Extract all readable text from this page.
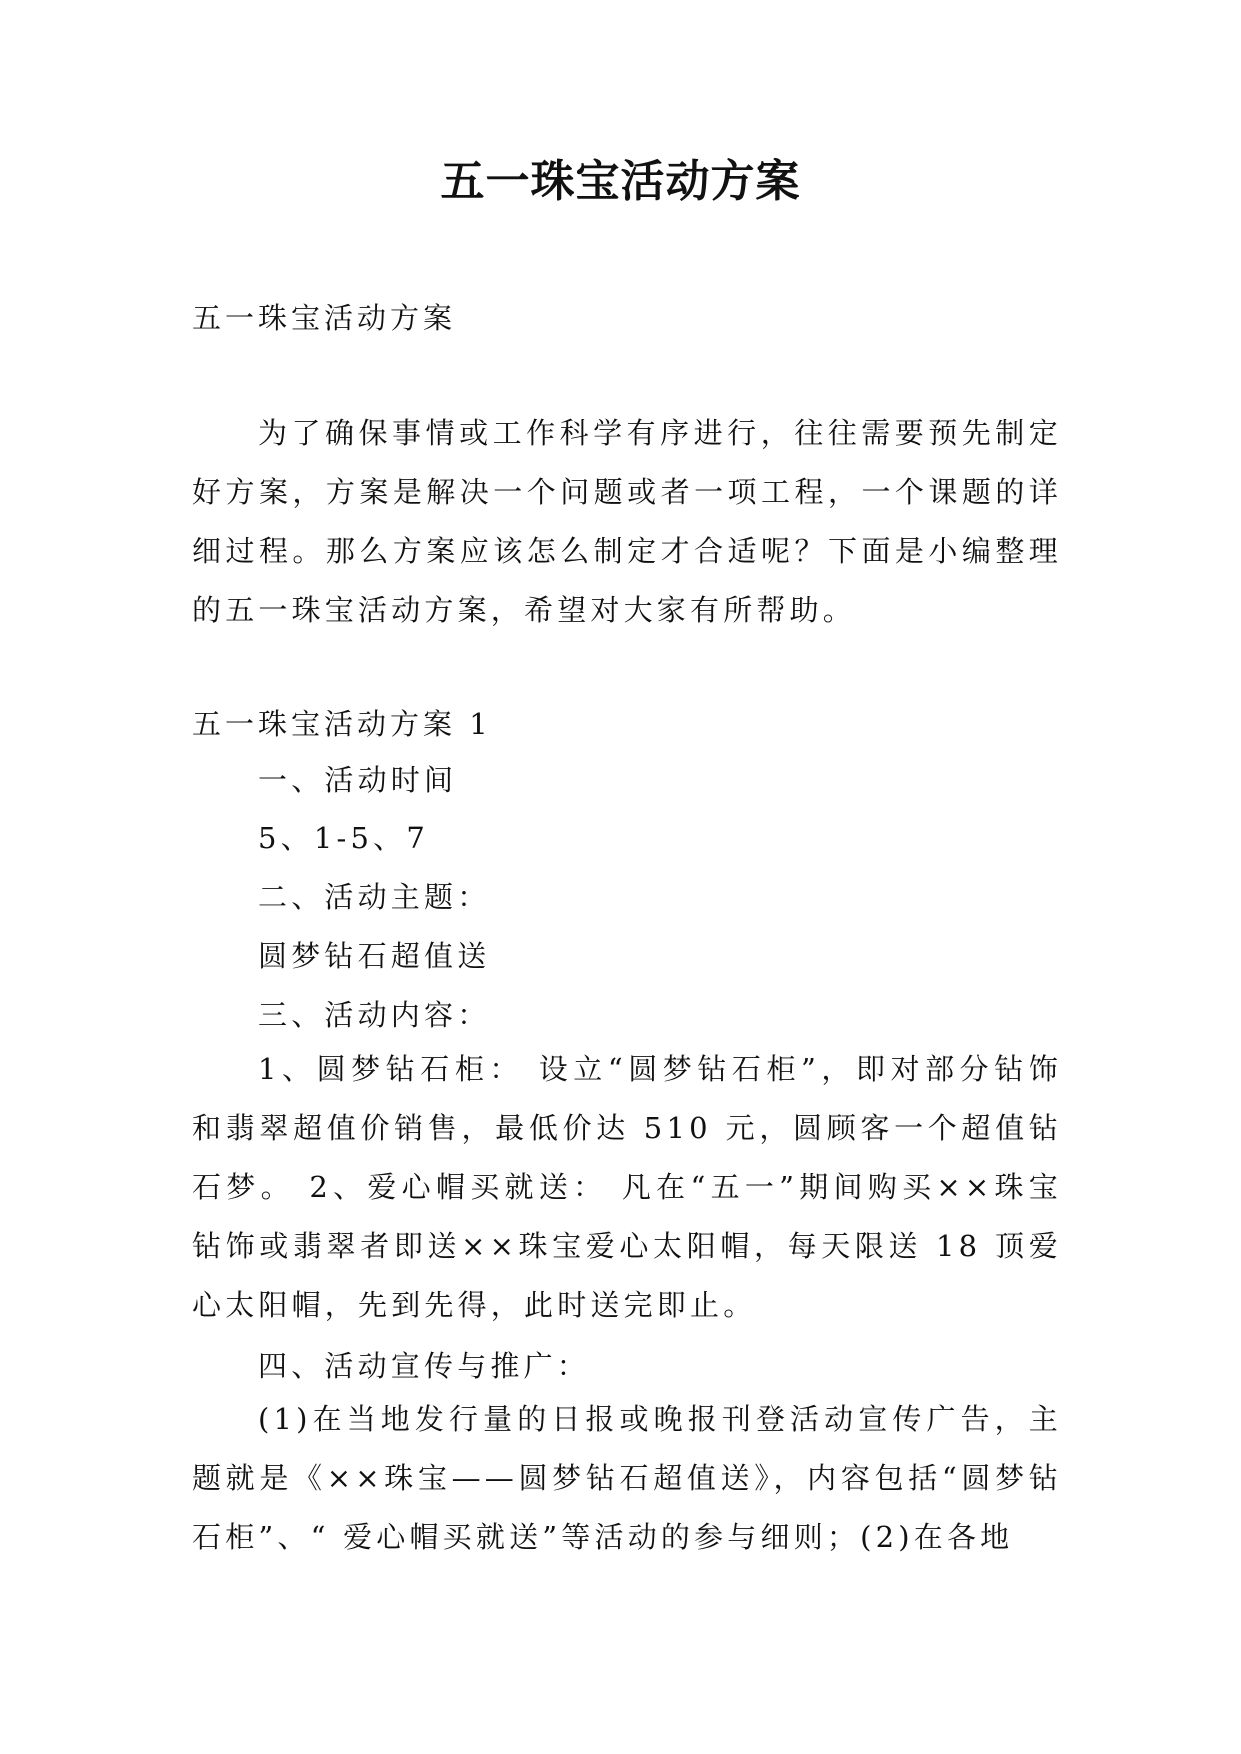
五一珠宝活动方案
五一珠宝活动方案
为了确保事情或工作科学有序进行，往往需要预先制定好方案，方案是解决一个问题或者一项工程，一个课题的详细过程。那么方案应该怎么制定才合适呢？下面是小编整理的五一珠宝活动方案，希望对大家有所帮助。
五一珠宝活动方案 1
一、活动时间
5、1-5、7
二、活动主题：
圆梦钻石超值送
三、活动内容：
1、圆梦钻石柜： 设立“圆梦钻石柜”，即对部分钻饰和翡翠超值价销售，最低价达 510 元，圆顾客一个超值钻石梦。 2、爱心帽买就送： 凡在“五一”期间购买××珠宝钻饰或翡翠者即送××珠宝爱心太阳帽，每天限送 18 顶爱心太阳帽，先到先得，此时送完即止。
四、活动宣传与推广：
(1)在当地发行量的日报或晚报刊登活动宣传广告，主题就是《××珠宝——圆梦钻石超值送》，内容包括“圆梦钻石柜”、“ 爱心帽买就送”等活动的参与细则；(2)在各地
